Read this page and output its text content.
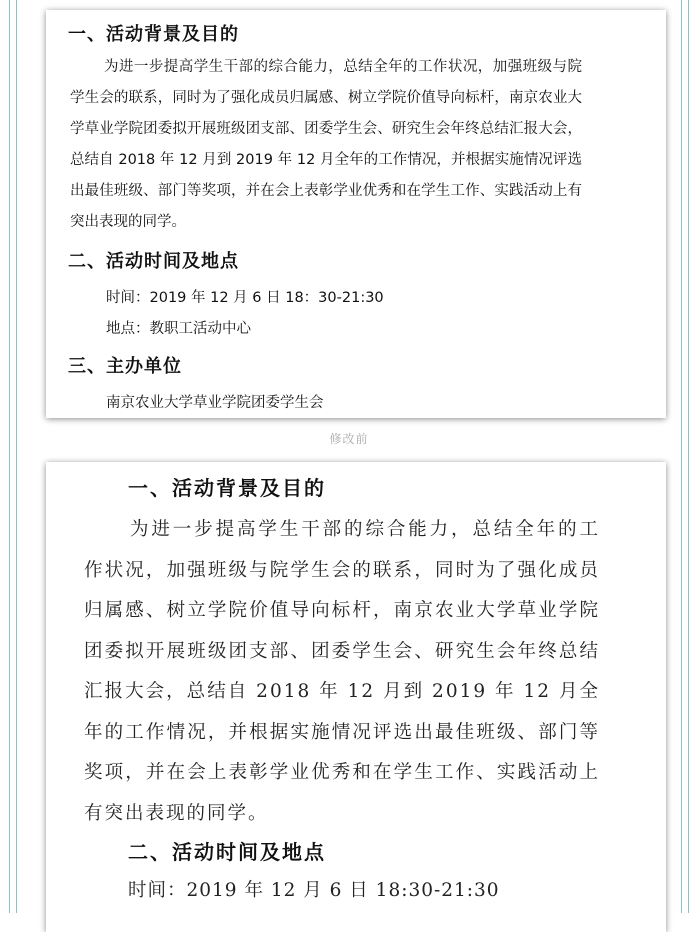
一、活动背景及目的

为进一步提高学生干部的综合能力，总结全年的工作状况，加强班级与院学生会的联系，同时为了强化成员归属感、树立学院价值导向标杆，南京农业大学草业学院团委拟开展班级团支部、团委学生会、研究生会年终总结汇报大会，总结自 2018 年 12 月到 2019 年 12 月全年的工作情况，并根据实施情况评选出最佳班级、部门等奖项，并在会上表彰学业优秀和在学生工作、实践活动上有突出表现的同学。

二、活动时间及地点
时间：2019 年 12 月 6 日 18：30-21:30
地点：教职工活动中心
三、主办单位
南京农业大学草业学院团委学生会
修改前
一、活动背景及目的

为进一步提高学生干部的综合能力，总结全年的工作状况，加强班级与院学生会的联系，同时为了强化成员归属感、树立学院价值导向标杆，南京农业大学草业学院团委拟开展班级团支部、团委学生会、研究生会年终总结汇报大会，总结自 2018 年 12 月到 2019 年 12 月全年的工作情况，并根据实施情况评选出最佳班级、部门等奖项，并在会上表彰学业优秀和在学生工作、实践活动上有突出表现的同学。

二、活动时间及地点
时间：2019 年 12 月 6 日 18:30-21:30
